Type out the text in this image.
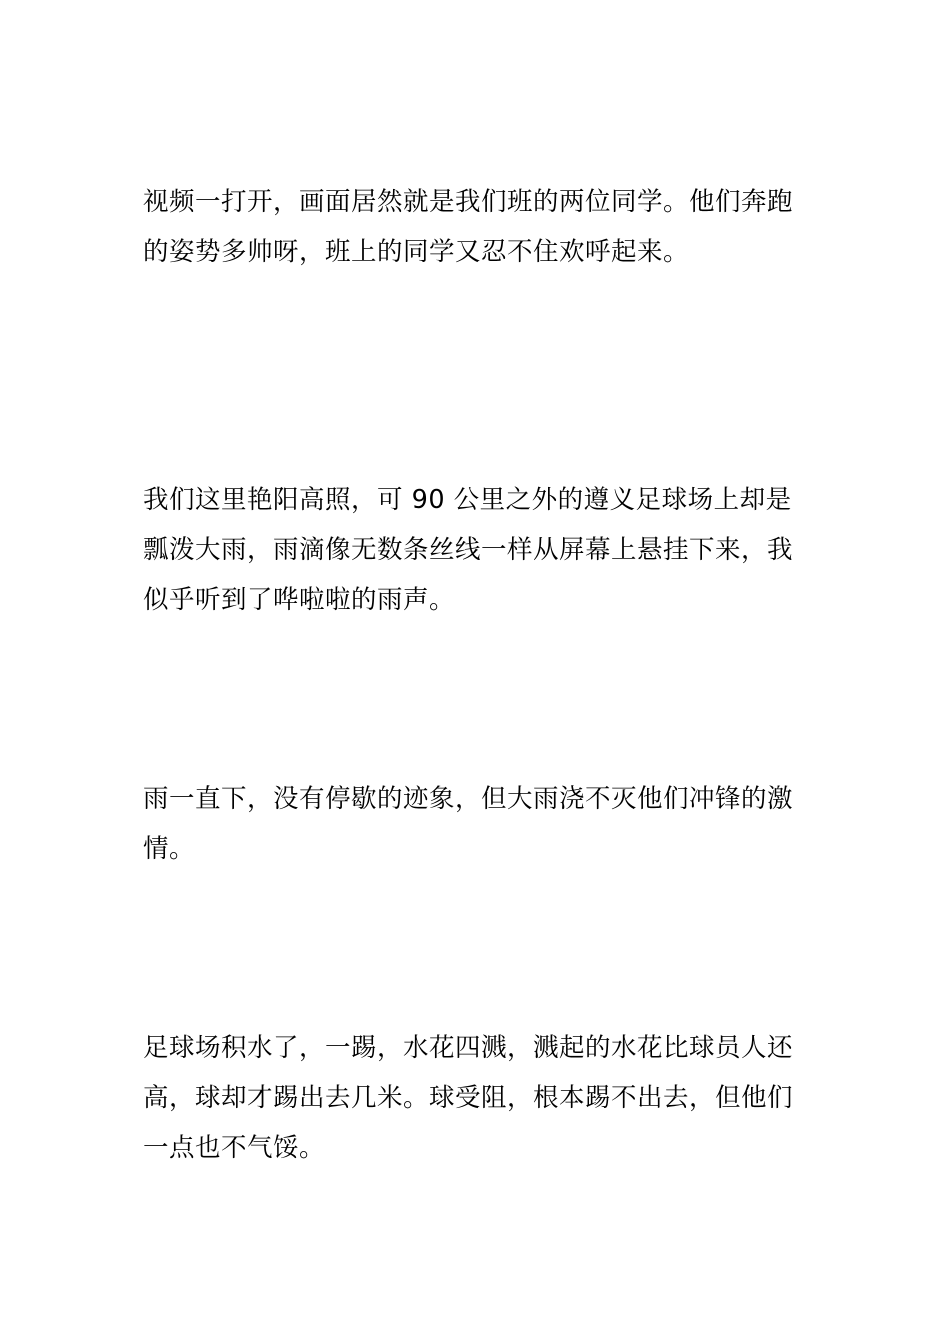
视频一打开，画面居然就是我们班的两位同学。他们奔跑的姿势多帅呀，班上的同学又忍不住欢呼起来。

我们这里艳阳高照，可 90 公里之外的遵义足球场上却是瓢泼大雨，雨滴像无数条丝线一样从屏幕上悬挂下来，我似乎听到了哗啦啦的雨声。

雨一直下，没有停歇的迹象，但大雨浇不灭他们冲锋的激情。

足球场积水了，一踢，水花四溅，溅起的水花比球员人还高，球却才踢出去几米。球受阻，根本踢不出去，但他们一点也不气馁。
